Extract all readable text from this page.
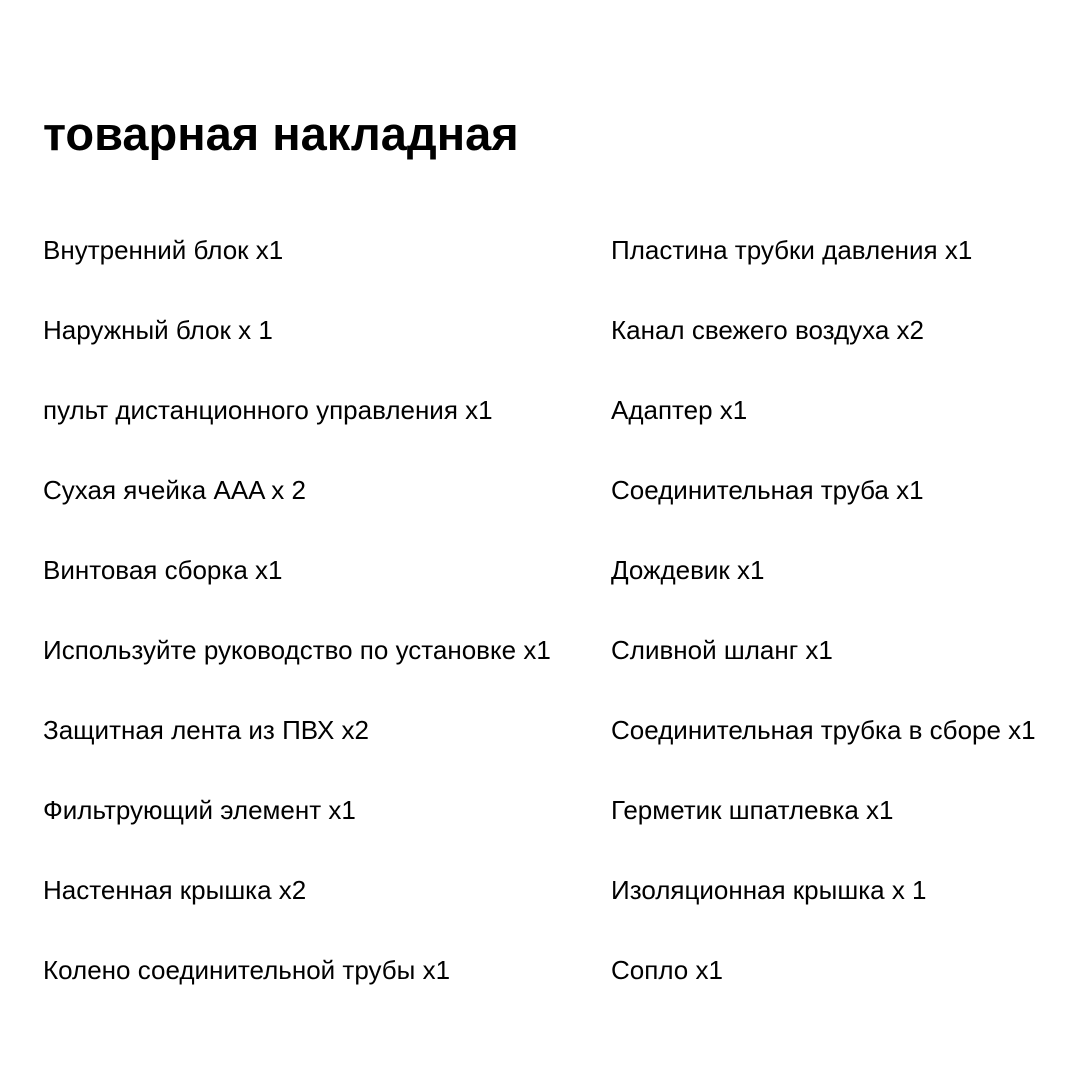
товарная накладная
Внутренний блок x1
Наружный блок x 1
пульт дистанционного управления x1
Сухая ячейка AAA x 2
Винтовая сборка x1
Используйте руководство по установке x1
Защитная лента из ПВХ x2
Фильтрующий элемент x1
Настенная крышка x2
Колено соединительной трубы x1
Пластина трубки давления x1
Канал свежего воздуха x2
Адаптер x1
Соединительная труба x1
Дождевик x1
Сливной шланг x1
Соединительная трубка в сборе x1
Герметик шпатлевка x1
Изоляционная крышка x 1
Сопло x1
